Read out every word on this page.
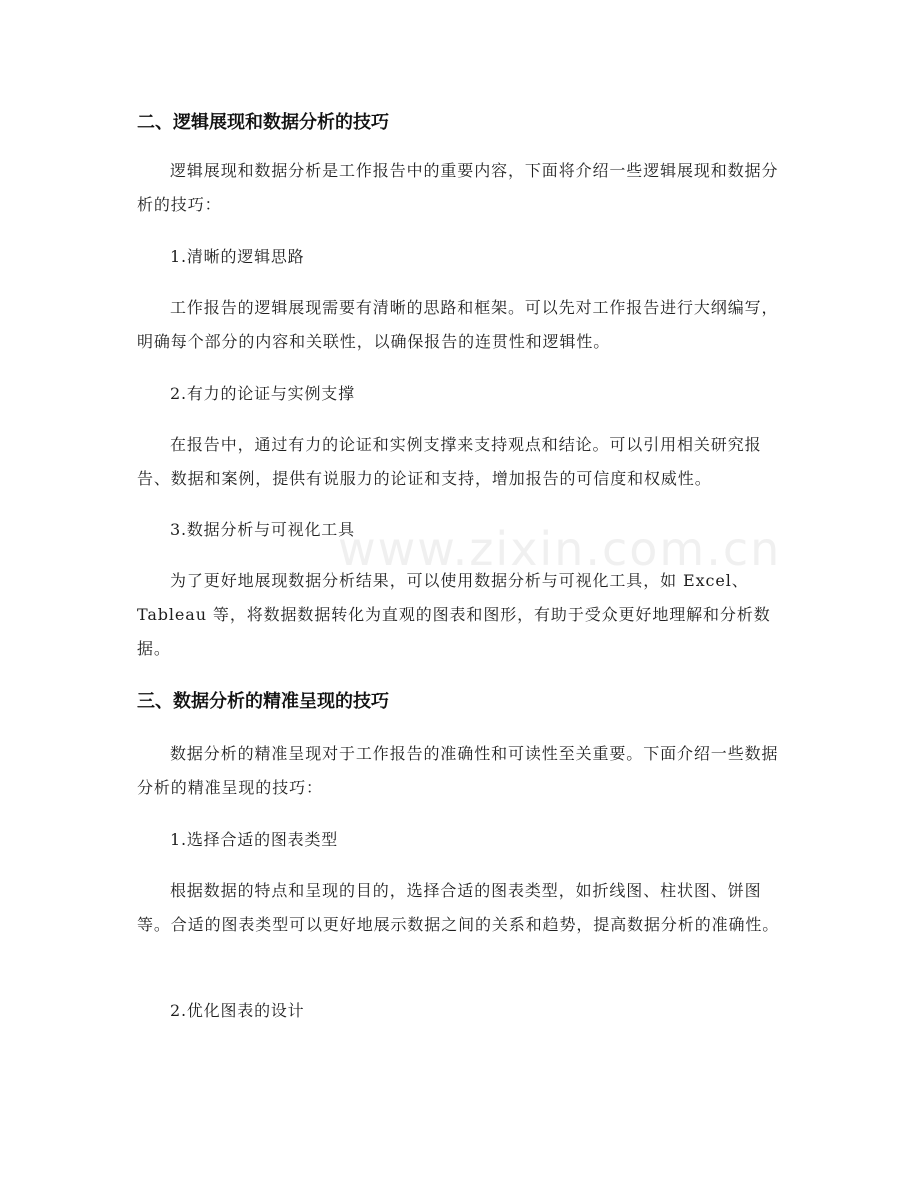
www.zixin.com.cn
二、逻辑展现和数据分析的技巧

逻辑展现和数据分析是工作报告中的重要内容，下面将介绍一些逻辑展现和数据分析的技巧：

1.清晰的逻辑思路

工作报告的逻辑展现需要有清晰的思路和框架。可以先对工作报告进行大纲编写，明确每个部分的内容和关联性，以确保报告的连贯性和逻辑性。

2.有力的论证与实例支撑

在报告中，通过有力的论证和实例支撑来支持观点和结论。可以引用相关研究报告、数据和案例，提供有说服力的论证和支持，增加报告的可信度和权威性。

3.数据分析与可视化工具

为了更好地展现数据分析结果，可以使用数据分析与可视化工具，如 Excel、Tableau 等，将数据数据转化为直观的图表和图形，有助于受众更好地理解和分析数据。

三、数据分析的精准呈现的技巧

数据分析的精准呈现对于工作报告的准确性和可读性至关重要。下面介绍一些数据分析的精准呈现的技巧：

1.选择合适的图表类型

根据数据的特点和呈现的目的，选择合适的图表类型，如折线图、柱状图、饼图等。合适的图表类型可以更好地展示数据之间的关系和趋势，提高数据分析的准确性。

2.优化图表的设计
